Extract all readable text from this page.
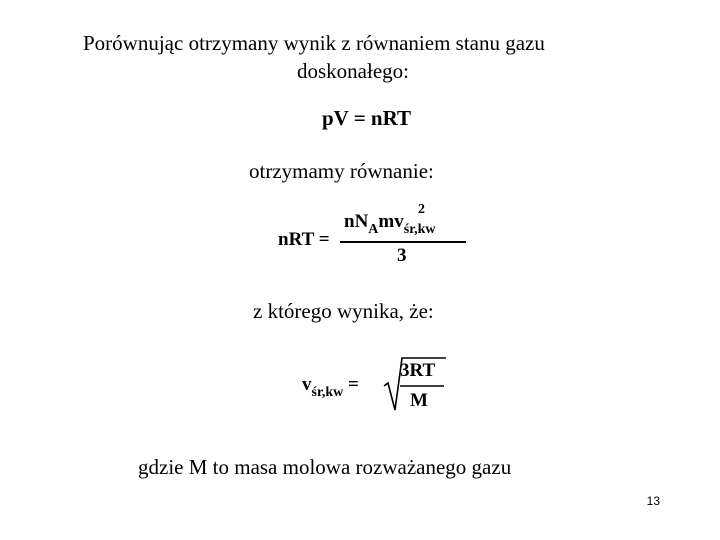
Porównując otrzymany wynik z równaniem stanu gazu
doskonałego:
pV = nRT
otrzymamy równanie:
nRT =
$nN_Amv_{śr,kw}$
2
3
z którego wynika, że:
$v_{śr,kw}$ =
3RT
M
gdzie M to masa molowa rozważanego gazu
13
